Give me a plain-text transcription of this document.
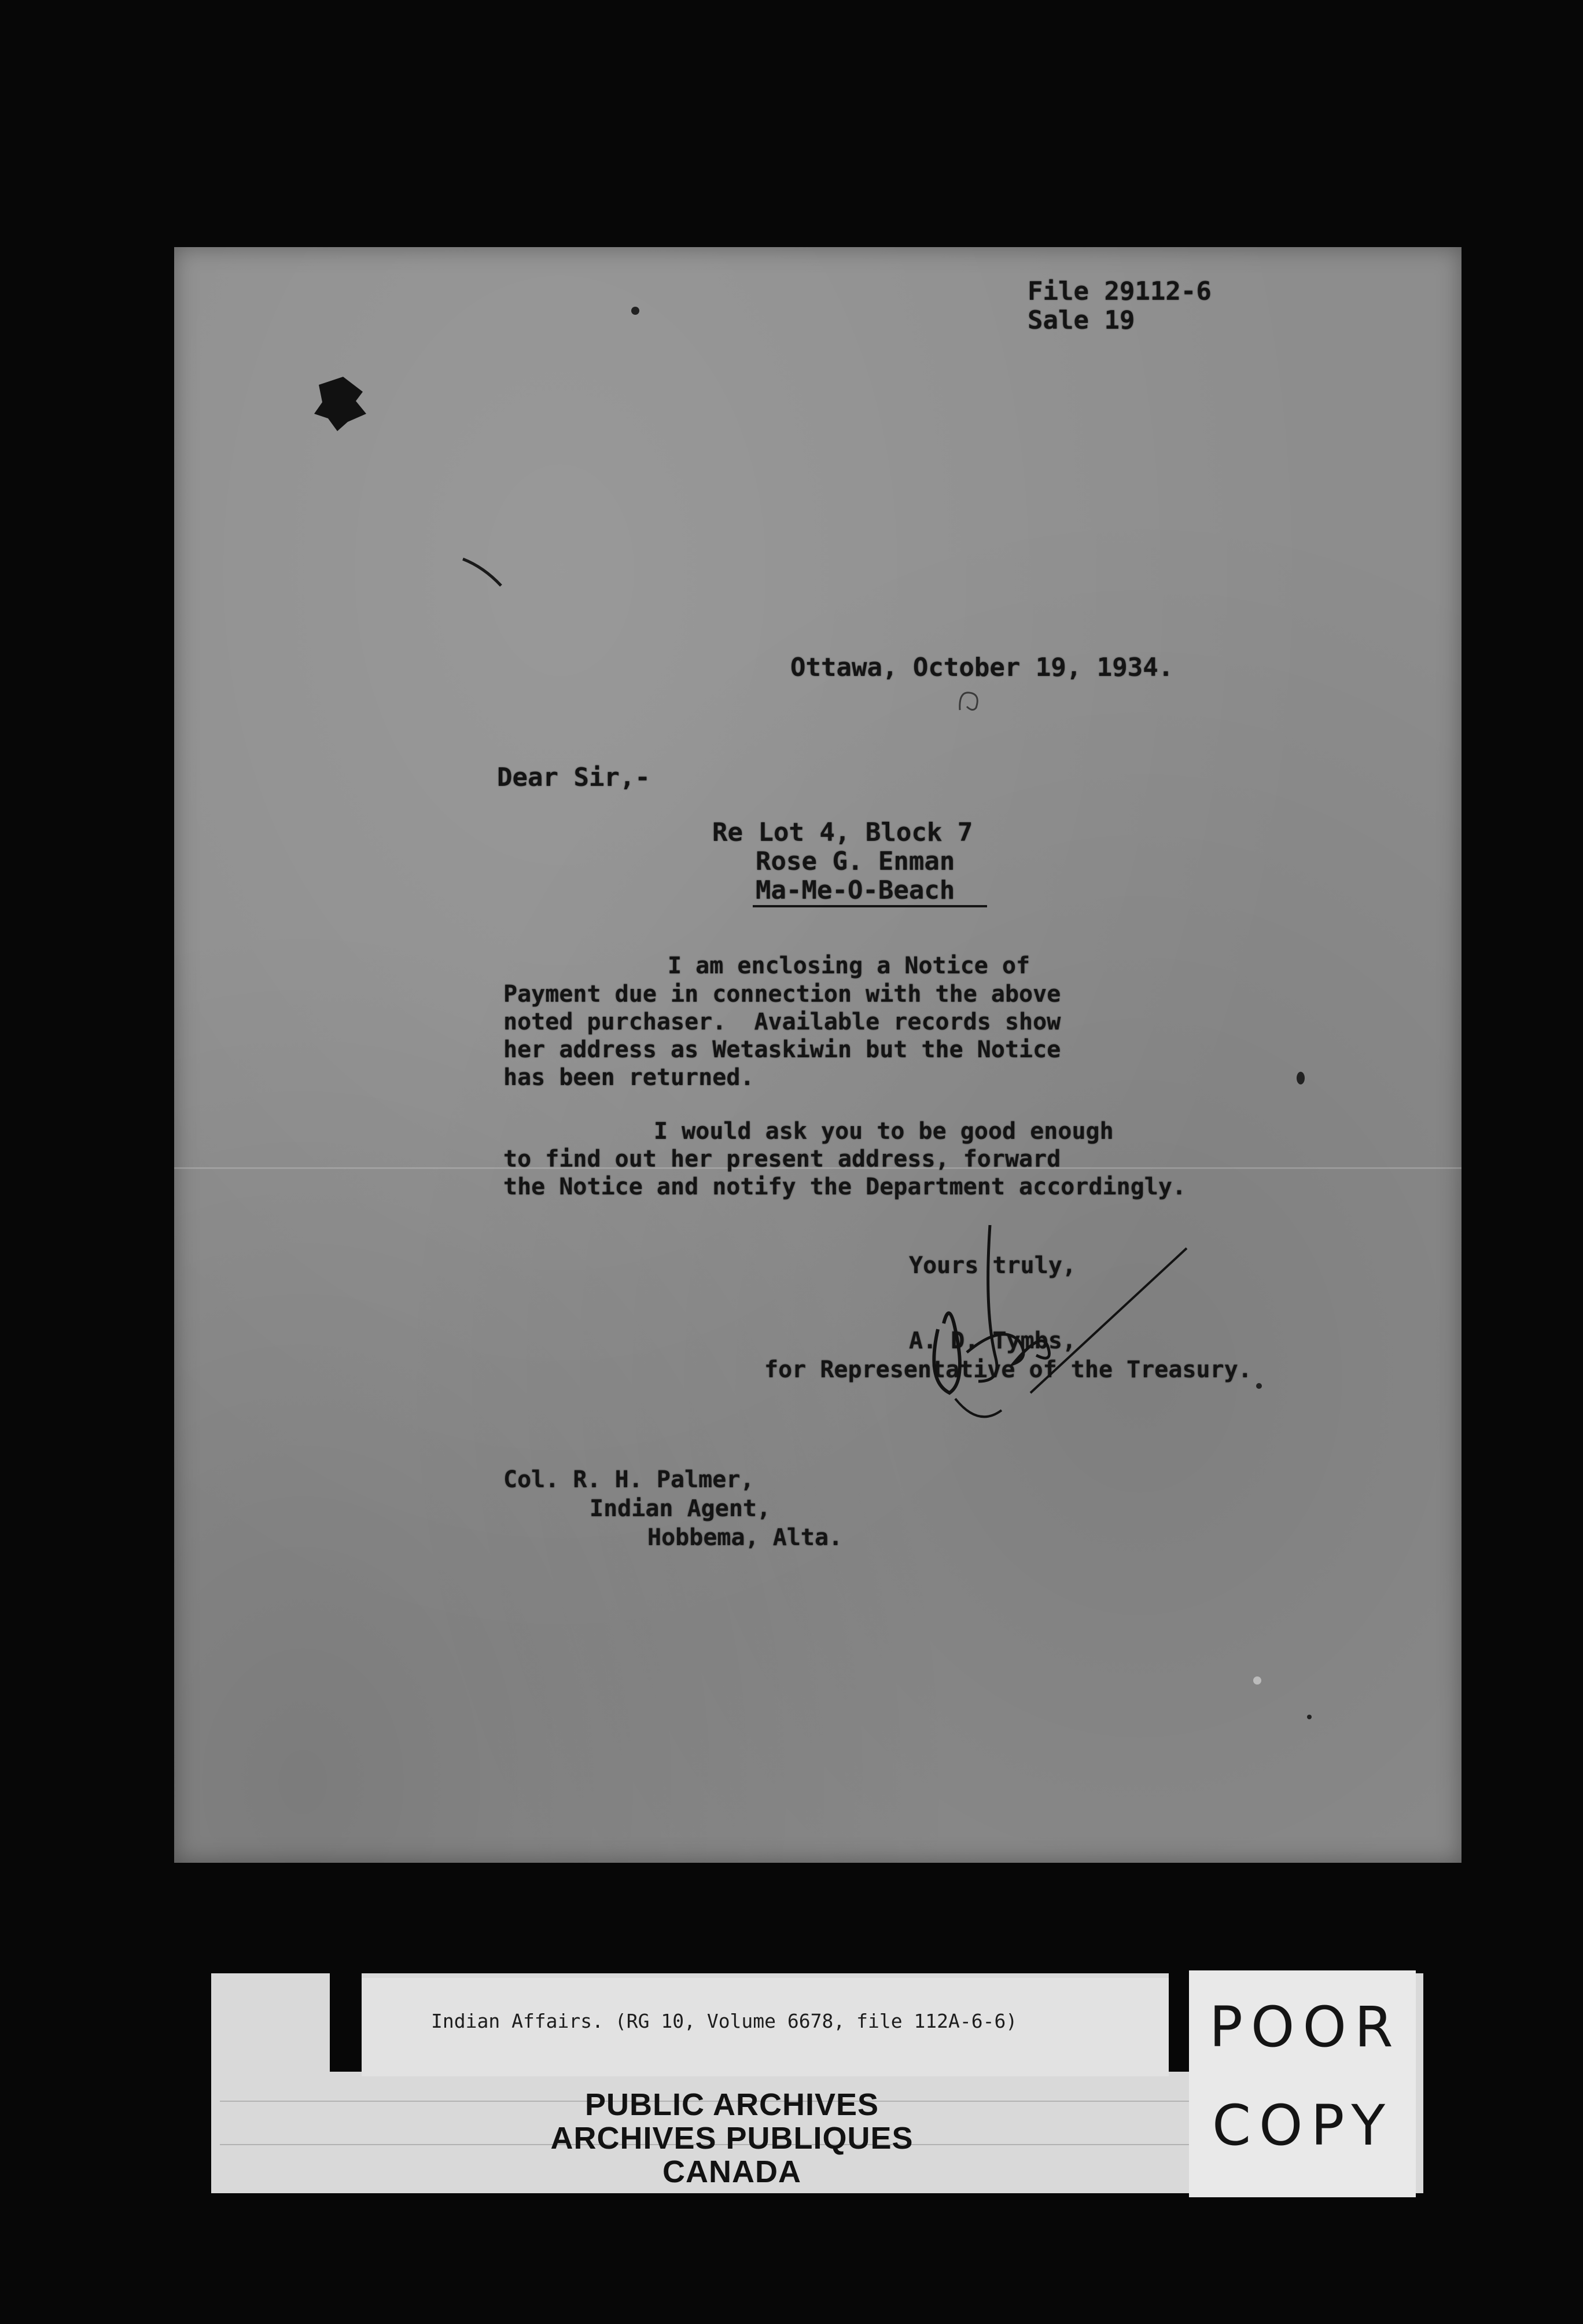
File 29112-6
Sale 19
Ottawa, October 19, 1934.
Dear Sir,-
Re Lot 4, Block 7
Rose G. Enman
Ma-Me-O-Beach
I am enclosing a Notice of
Payment due in connection with the above
noted purchaser.  Available records show
her address as Wetaskiwin but the Notice
has been returned.
I would ask you to be good enough
to find out her present address, forward
the Notice and notify the Department accordingly.
Yours truly,
A. D. Tymbs,
for Representative of the Treasury.
Col. R. H. Palmer,
Indian Agent,
Hobbema, Alta.
Indian Affairs. (RG 10, Volume 6678, file 112A-6-6)
PUBLIC ARCHIVES
ARCHIVES PUBLIQUES
CANADA
POOR
COPY
